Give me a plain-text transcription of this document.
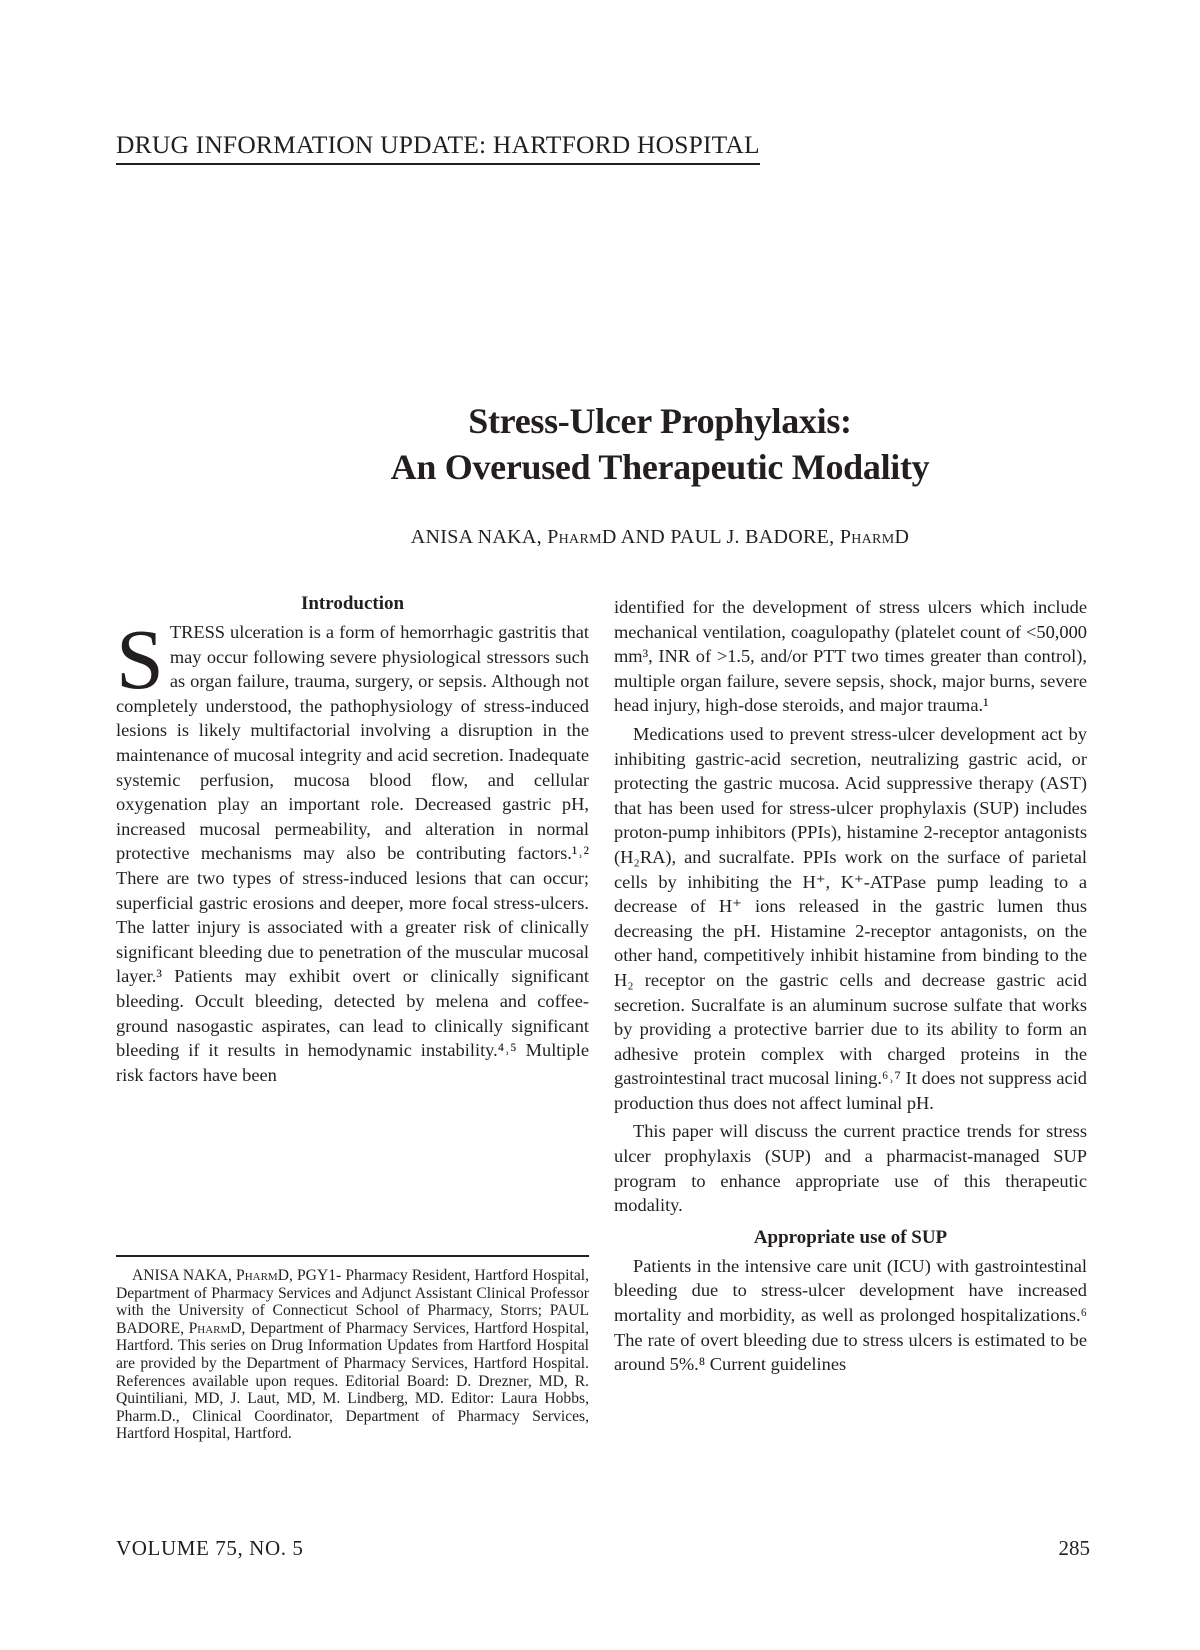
DRUG INFORMATION UPDATE: HARTFORD HOSPITAL
Stress-Ulcer Prophylaxis:
An Overused Therapeutic Modality
ANISA NAKA, PharmD AND PAUL J. BADORE, PharmD
Introduction

STRESS ulceration is a form of hemorrhagic gastritis that may occur following severe physiological stressors such as organ failure, trauma, surgery, or sepsis. Although not completely understood, the pathophysiology of stress-induced lesions is likely multifactorial involving a disruption in the maintenance of mucosal integrity and acid secretion. Inadequate systemic perfusion, mucosa blood flow, and cellular oxygenation play an important role. Decreased gastric pH, increased mucosal permeability, and alteration in normal protective mechanisms may also be contributing factors.¹˒² There are two types of stress-induced lesions that can occur; superficial gastric erosions and deeper, more focal stress-ulcers. The latter injury is associated with a greater risk of clinically significant bleeding due to penetration of the muscular mucosal layer.³ Patients may exhibit overt or clinically significant bleeding. Occult bleeding, detected by melena and coffee-ground nasogastic aspirates, can lead to clinically significant bleeding if it results in hemodynamic instability.⁴˒⁵ Multiple risk factors have been

identified for the development of stress ulcers which include mechanical ventilation, coagulopathy (platelet count of <50,000 mm³, INR of >1.5, and/or PTT two times greater than control), multiple organ failure, severe sepsis, shock, major burns, severe head injury, high-dose steroids, and major trauma.¹

Medications used to prevent stress-ulcer development act by inhibiting gastric-acid secretion, neutralizing gastric acid, or protecting the gastric mucosa. Acid suppressive therapy (AST) that has been used for stress-ulcer prophylaxis (SUP) includes proton-pump inhibitors (PPIs), histamine 2-receptor antagonists (H₂RA), and sucralfate. PPIs work on the surface of parietal cells by inhibiting the H⁺, K⁺-ATPase pump leading to a decrease of H⁺ ions released in the gastric lumen thus decreasing the pH. Histamine 2-receptor antagonists, on the other hand, competitively inhibit histamine from binding to the H₂ receptor on the gastric cells and decrease gastric acid secretion. Sucralfate is an aluminum sucrose sulfate that works by providing a protective barrier due to its ability to form an adhesive protein complex with charged proteins in the gastrointestinal tract mucosal lining.⁶˒⁷ It does not suppress acid production thus does not affect luminal pH.

This paper will discuss the current practice trends for stress ulcer prophylaxis (SUP) and a pharmacist-managed SUP program to enhance appropriate use of this therapeutic modality.

Appropriate use of SUP

Patients in the intensive care unit (ICU) with gastrointestinal bleeding due to stress-ulcer development have increased mortality and morbidity, as well as prolonged hospitalizations.⁶ The rate of overt bleeding due to stress ulcers is estimated to be around 5%.⁸ Current guidelines

ANISA NAKA, PharmD, PGY1- Pharmacy Resident, Hartford Hospital, Department of Pharmacy Services and Adjunct Assistant Clinical Professor with the University of Connecticut School of Pharmacy, Storrs; PAUL BADORE, PharmD, Department of Pharmacy Services, Hartford Hospital, Hartford. This series on Drug Information Updates from Hartford Hospital are provided by the Department of Pharmacy Services, Hartford Hospital. References available upon reques. Editorial Board: D. Drezner, MD, R. Quintiliani, MD, J. Laut, MD, M. Lindberg, MD. Editor: Laura Hobbs, Pharm.D., Clinical Coordinator, Department of Pharmacy Services, Hartford Hospital, Hartford.

VOLUME 75, NO. 5	285
